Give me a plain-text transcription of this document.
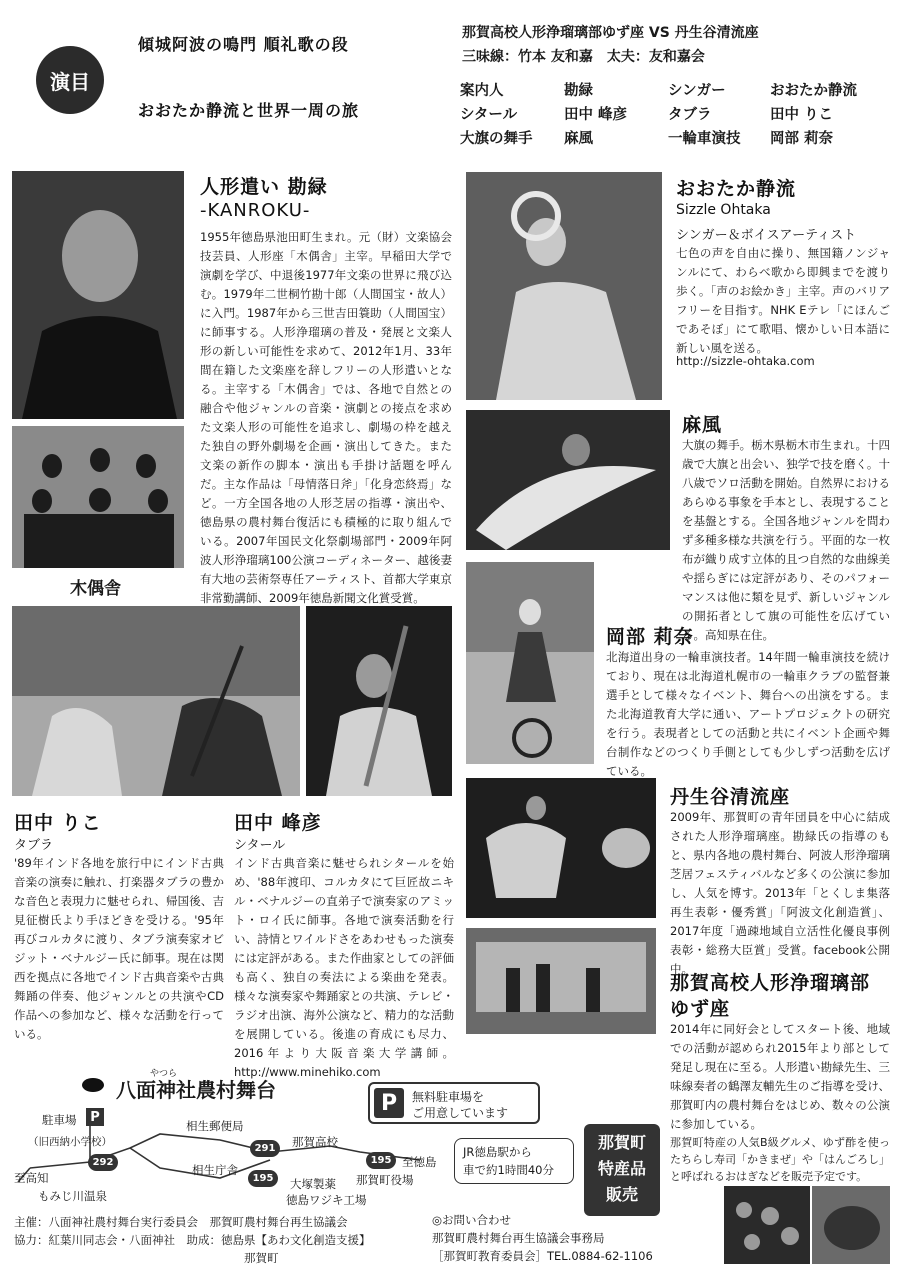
演目
傾城阿波の鳴門 順礼歌の段
おおたか静流と世界一周の旅
那賀高校人形浄瑠璃部ゆず座 VS 丹生谷清流座
三味線：竹本 友和嘉　太夫：友和嘉会
案内人	勘緑	シンガー	おおたか静流
シタール	田中 峰彦	タブラ	田中 りこ
大旗の舞手	麻風	一輪車演技	岡部 莉奈
木偶舎
人形遣い 勘緑
-KANROKU-
1955年徳島県池田町生まれ。元（財）文楽協会技芸員、人形座「木偶舎」主宰。早稲田大学で演劇を学び、中退後1977年文楽の世界に飛び込む。1979年二世桐竹勘十郎（人間国宝・故人）に入門。1987年から三世吉田簑助（人間国宝）に師事する。人形浄瑠璃の普及・発展と文楽人形の新しい可能性を求めて、2012年1月、33年間在籍した文楽座を辞しフリーの人形遣いとなる。主宰する「木偶舎」では、各地で自然との融合や他ジャンルの音楽・演劇との接点を求めた文楽人形の可能性を追求し、劇場の枠を越えた独自の野外劇場を企画・演出してきた。また文楽の新作の脚本・演出も手掛け話題を呼んだ。主な作品は「母情落日斧」「化身恋終焉」など。一方全国各地の人形芝居の指導・演出や、徳島県の農村舞台復活にも積極的に取り組んでいる。2007年国民文化祭劇場部門・2009年阿波人形浄瑠璃100公演コーディネーター、越後妻有大地の芸術祭専任アーティスト、首都大学東京非常勤講師、2009年徳島新聞文化賞受賞。
田中 りこ
タブラ
'89年インド各地を旅行中にインド古典音楽の演奏に触れ、打楽器タブラの豊かな音色と表現力に魅せられ、帰国後、吉見征樹氏より手ほどきを受ける。'95年再びコルカタに渡り、タブラ演奏家オビジット・ベナルジー氏に師事。現在は関西を拠点に各地でインド古典音楽や古典舞踊の伴奏、他ジャンルとの共演やCD作品への参加など、様々な活動を行っている。
田中 峰彦
シタール
インド古典音楽に魅せられシタールを始め、'88年渡印、コルカタにて巨匠故ニキル・ベナルジーの直弟子で演奏家のアミット・ロイ氏に師事。各地で演奏活動を行い、詩情とワイルドさをあわせもった演奏には定評がある。また作曲家としての評価も高く、独自の奏法による楽曲を発表。様々な演奏家や舞踊家との共演、テレビ・ラジオ出演、海外公演など、精力的な活動を展開している。後進の育成にも尽力、2016年より大阪音楽大学講師。http://www.minehiko.com
おおたか静流
Sizzle Ohtaka
シンガー＆ボイスアーティスト
七色の声を自由に操り、無国籍ノンジャンルにて、わらべ歌から即興までを渡り歩く。「声のお絵かき」主宰。声のバリアフリーを目指す。NHK Eテレ「にほんごであそぼ」にて歌唱、懐かしい日本語に新しい風を送る。
http://sizzle-ohtaka.com
麻風
大旗の舞手。栃木県栃木市生まれ。十四歳で大旗と出会い、独学で技を磨く。十八歳でソロ活動を開始。自然界におけるあらゆる事象を手本とし、表現することを基盤とする。全国各地ジャンルを問わず多種多様な共演を行う。平面的な一枚布が織り成す立体的且つ自然的な曲線美や揺らぎには定評があり、そのパフォーマンスは他に類を見ず、新しいジャンルの開拓者として旗の可能性を広げている。高知県在住。
岡部 莉奈
北海道出身の一輪車演技者。14年間一輪車演技を続けており、現在は北海道札幌市の一輪車クラブの監督兼選手として様々なイベント、舞台への出演をする。また北海道教育大学に通い、アートプロジェクトの研究を行う。表現者としての活動と共にイベント企画や舞台制作などのつくり手側としても少しずつ活動を広げている。
丹生谷清流座
2009年、那賀町の青年団員を中心に結成された人形浄瑠璃座。勘緑氏の指導のもと、県内各地の農村舞台、阿波人形浄瑠璃芝居フェスティバルなど多くの公演に参加し、人気を博す。2013年「とくしま集落再生表彰・優秀賞」「阿波文化創造賞」、2017年度「過疎地域自立活性化優良事例表彰・総務大臣賞」受賞。facebook公開中。
那賀高校人形浄瑠璃部
ゆず座
2014年に同好会としてスタート後、地域での活動が認められ2015年より部として発足し現在に至る。人形遣い勘緑先生、三味線奏者の鶴澤友輔先生のご指導を受け、那賀町内の農村舞台をはじめ、数々の公演に参加している。
やつら
八面神社農村舞台
P	無料駐車場を
ご用意しています
P
駐車場
（旧西納小学校）
相生郵便局
那賀高校
相生庁舎
大塚製薬
徳島ワジキ工場
那賀町役場
至高知
至徳島
もみじ川温泉
292
291
195
195
JR徳島駅から
車で約1時間40分
那賀町
特産品
販売
那賀町特産の人気B級グルメ、ゆず酢を使ったちらし寿司「かきまぜ」や「はんごろし」と呼ばれるおはぎなどを販売予定です。
主催：八面神社農村舞台実行委員会　那賀町農村舞台再生協議会
協力：紅葉川同志会・八面神社　助成：徳島県【あわ文化創造支援】
那賀町
◎お問い合わせ
那賀町農村舞台再生協議会事務局
［那賀町教育委員会］TEL.0884-62-1106
